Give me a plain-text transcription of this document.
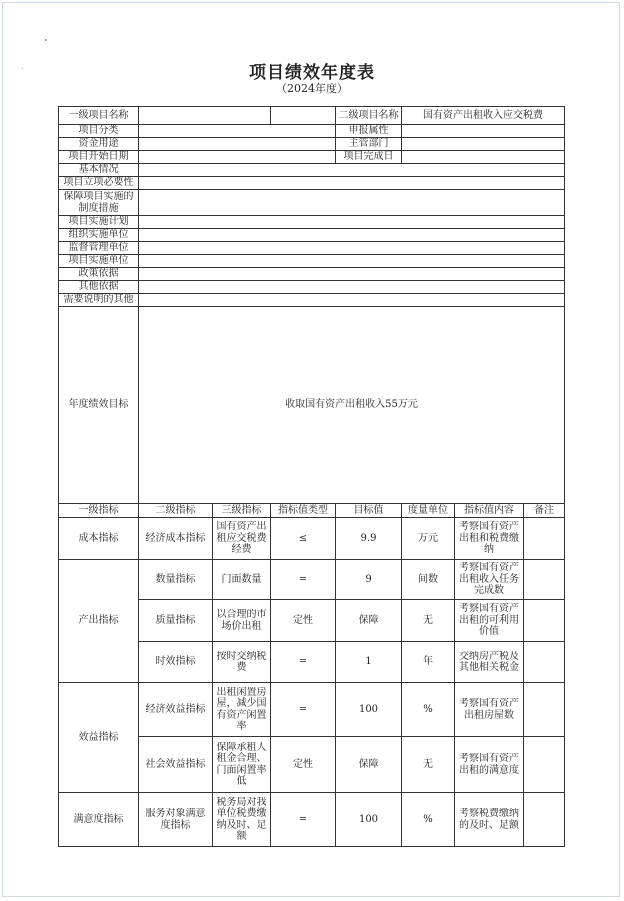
项目绩效年度表
（2024年度）
一级项目名称				二级项目名称	国有资产出租收入应交税费		
项目分类				申报属性			
资金用途				主管部门			
项目开始日期				项目完成日			
基本情况							
项目立项必要性							

保障项目实施的制度措施							

项目实施计划							
组织实施单位							
监督管理单位							
项目实施单位							
政策依据							
其他依据							
需要说明的其他							
年度绩效目标	收取国有资产出租收入55万元						
一级指标	二级指标	三级指标	指标值类型	目标值	度量单位	指标值内容	备注
成本指标	经济成本指标	国有资产出租应交税费经费	≤	9.9	万元	考察国有资产出租和税费缴纳	

产出指标	数量指标	门面数量	=	9	间数	考察国有资产出租收入任务完成数	

	质量指标	以合理的市场价出租	定性	保障	无	考察国有资产出租的可利用价值	

	时效指标	按时交纳税费	=	1	年	交纳房产税及其他相关税金	

效益指标	经济效益指标	出租闲置房屋，减少国有资产闲置率	=	100	%	考察国有资产出租房屋数	

	社会效益指标	保障承租人租金合理、门面闲置率低	定性	保障	无	考察国有资产出租的满意度	

满意度指标	服务对象满意度指标	税务局对我单位税费缴纳及时、足额	=	100	%	考察税费缴纳的及时、足额	
